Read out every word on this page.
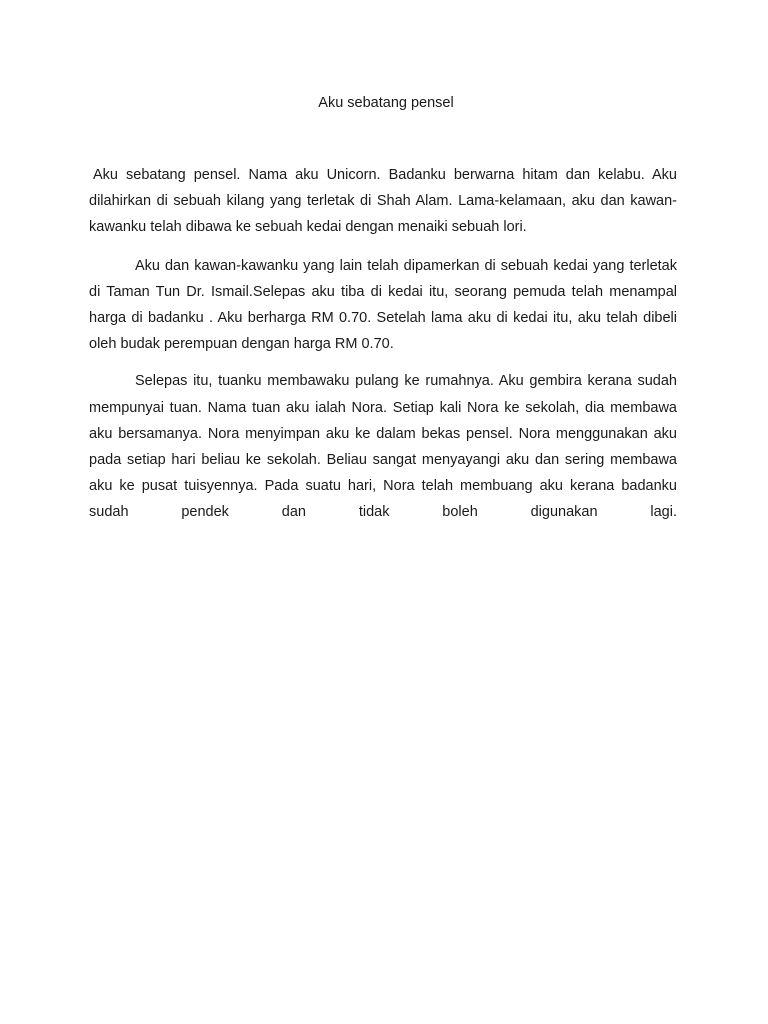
Aku sebatang pensel

Aku sebatang pensel. Nama aku Unicorn. Badanku berwarna hitam dan kelabu. Aku dilahirkan di sebuah kilang yang terletak di Shah Alam. Lama-kelamaan, aku dan kawan-kawanku telah dibawa ke sebuah kedai dengan menaiki sebuah lori.

Aku dan kawan-kawanku yang lain telah dipamerkan di sebuah kedai yang terletak di Taman Tun Dr. Ismail.Selepas aku tiba di kedai itu, seorang pemuda telah menampal harga di badanku . Aku berharga RM 0.70. Setelah lama aku di kedai itu, aku telah dibeli oleh budak perempuan dengan harga RM 0.70.

Selepas itu, tuanku membawaku pulang ke rumahnya. Aku gembira kerana sudah mempunyai tuan. Nama tuan aku ialah Nora. Setiap kali Nora ke sekolah, dia membawa aku bersamanya. Nora menyimpan aku ke dalam bekas pensel. Nora menggunakan aku pada setiap hari beliau ke sekolah. Beliau sangat menyayangi aku dan sering membawa aku ke pusat tuisyennya. Pada suatu hari, Nora telah membuang aku kerana badanku sudah pendek dan tidak boleh digunakan lagi.
